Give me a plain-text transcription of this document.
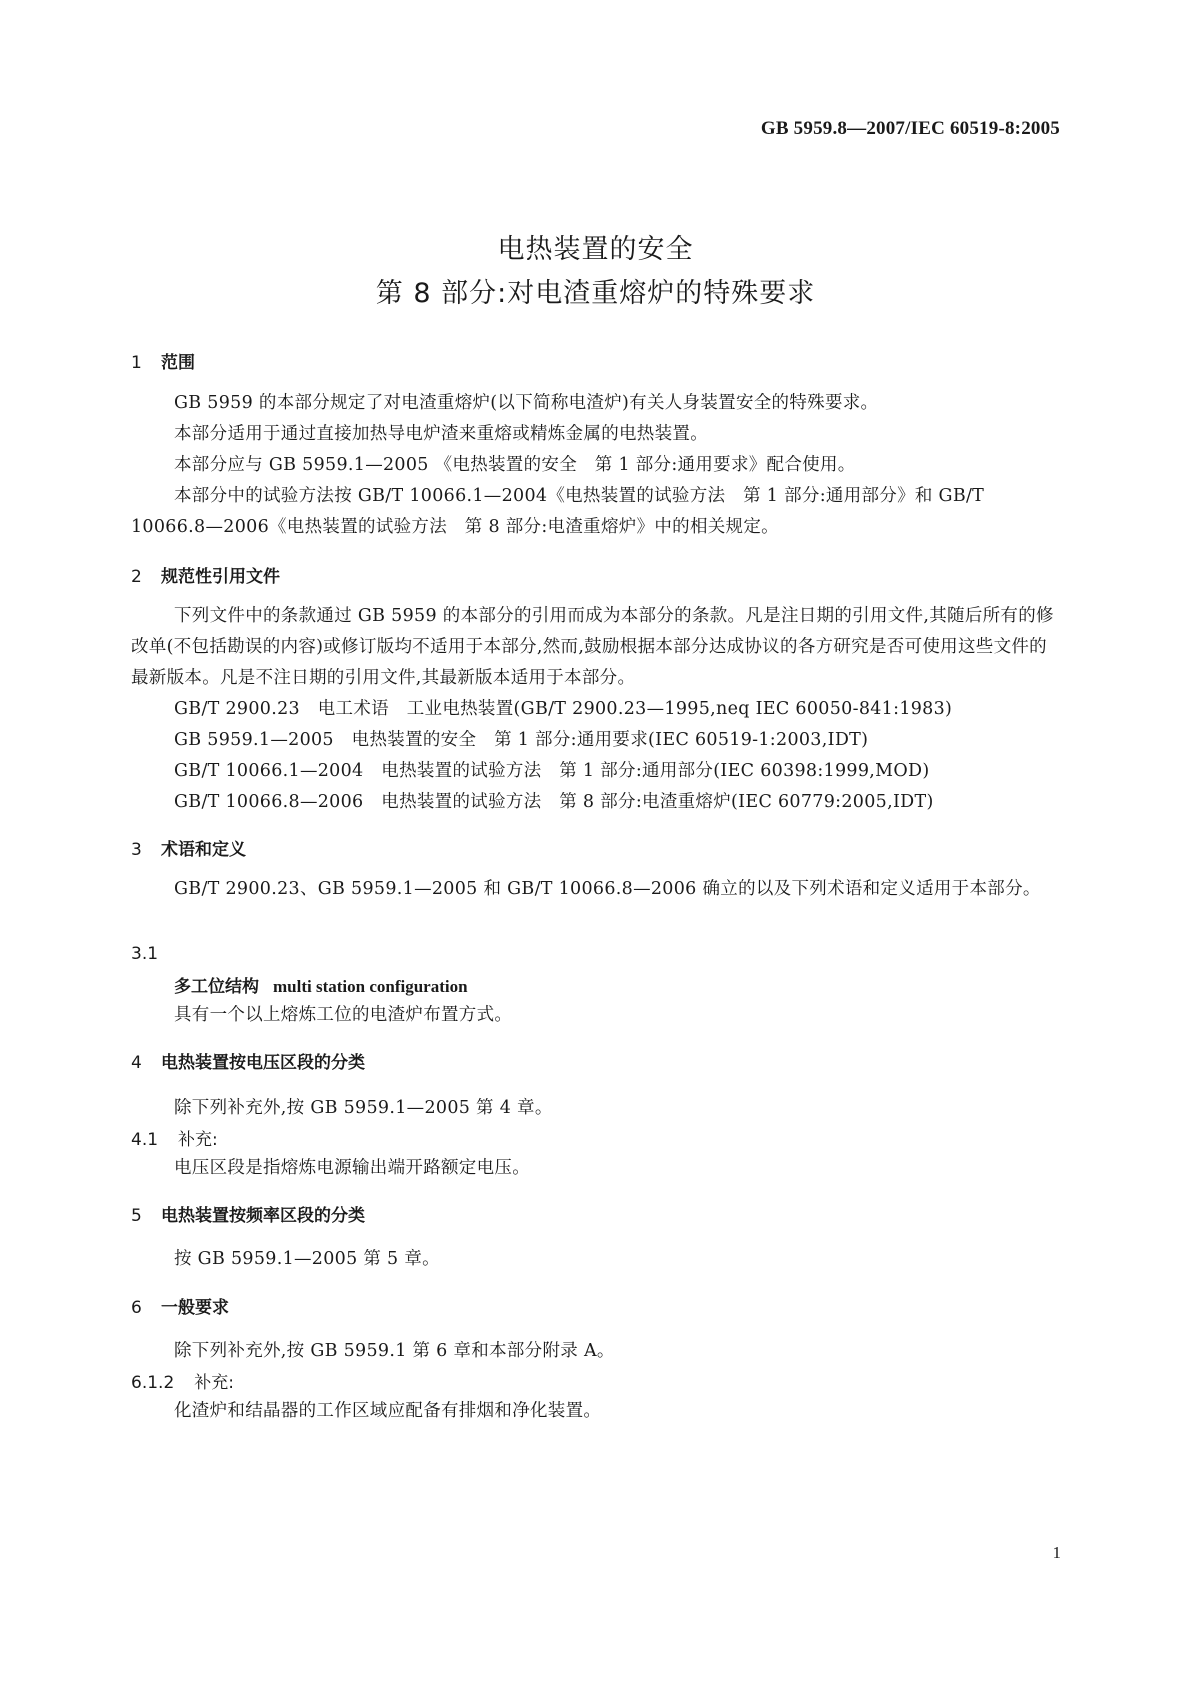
GB 5959.8—2007/IEC 60519-8:2005
电热装置的安全
第 8 部分:对电渣重熔炉的特殊要求
1 范围

GB 5959 的本部分规定了对电渣重熔炉(以下简称电渣炉)有关人身装置安全的特殊要求。

本部分适用于通过直接加热导电炉渣来重熔或精炼金属的电热装置。

本部分应与 GB 5959.1—2005 《电热装置的安全　第 1 部分:通用要求》配合使用。

本部分中的试验方法按 GB/T 10066.1—2004《电热装置的试验方法　第 1 部分:通用部分》和 GB/T 10066.8—2006《电热装置的试验方法　第 8 部分:电渣重熔炉》中的相关规定。

2 规范性引用文件

下列文件中的条款通过 GB 5959 的本部分的引用而成为本部分的条款。凡是注日期的引用文件,其随后所有的修改单(不包括勘误的内容)或修订版均不适用于本部分,然而,鼓励根据本部分达成协议的各方研究是否可使用这些文件的最新版本。凡是不注日期的引用文件,其最新版本适用于本部分。

GB/T 2900.23　电工术语　工业电热装置(GB/T 2900.23—1995,neq IEC 60050-841:1983)

GB 5959.1—2005　电热装置的安全　第 1 部分:通用要求(IEC 60519-1:2003,IDT)

GB/T 10066.1—2004　电热装置的试验方法　第 1 部分:通用部分(IEC 60398:1999,MOD)

GB/T 10066.8—2006　电热装置的试验方法　第 8 部分:电渣重熔炉(IEC 60779:2005,IDT)

3 术语和定义

GB/T 2900.23、GB 5959.1—2005 和 GB/T 10066.8—2006 确立的以及下列术语和定义适用于本部分。

3.1
多工位结构 multi station configuration
具有一个以上熔炼工位的电渣炉布置方式。
4 电热装置按电压区段的分类
除下列补充外,按 GB 5959.1—2005 第 4 章。
4.1 补充:
电压区段是指熔炼电源输出端开路额定电压。
5 电热装置按频率区段的分类
按 GB 5959.1—2005 第 5 章。
6 一般要求
除下列补充外,按 GB 5959.1 第 6 章和本部分附录 A。
6.1.2 补充:
化渣炉和结晶器的工作区域应配备有排烟和净化装置。
1
